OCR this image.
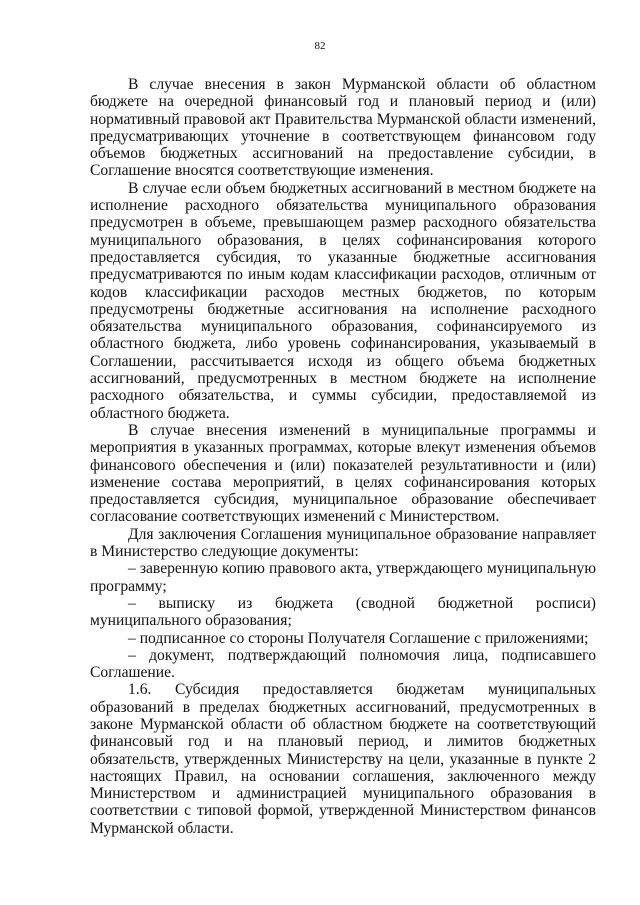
82

В случае внесения в закон Мурманской области об областном бюджете на очередной финансовый год и плановый период и (или) нормативный правовой акт Правительства Мурманской области изменений, предусматривающих уточнение в соответствующем финансовом году объемов бюджетных ассигнований на предоставление субсидии, в Соглашение вносятся соответствующие изменения.

В случае если объем бюджетных ассигнований в местном бюджете на исполнение расходного обязательства муниципального образования предусмотрен в объеме, превышающем размер расходного обязательства муниципального образования, в целях софинансирования которого предоставляется субсидия, то указанные бюджетные ассигнования предусматриваются по иным кодам классификации расходов, отличным от кодов классификации расходов местных бюджетов, по которым предусмотрены бюджетные ассигнования на исполнение расходного обязательства муниципального образования, софинансируемого из областного бюджета, либо уровень софинансирования, указываемый в Соглашении, рассчитывается исходя из общего объема бюджетных ассигнований, предусмотренных в местном бюджете на исполнение расходного обязательства, и суммы субсидии, предоставляемой из областного бюджета.

В случае внесения изменений в муниципальные программы и мероприятия в указанных программах, которые влекут изменения объемов финансового обеспечения и (или) показателей результативности и (или) изменение состава мероприятий, в целях софинансирования которых предоставляется субсидия, муниципальное образование обеспечивает согласование соответствующих изменений с Министерством.

Для заключения Соглашения муниципальное образование направляет в Министерство следующие документы:

– заверенную копию правового акта, утверждающего муниципальную программу;

– выписку из бюджета (сводной бюджетной росписи) муниципального образования;

– подписанное со стороны Получателя Соглашение с приложениями;

– документ, подтверждающий полномочия лица, подписавшего Соглашение.

1.6. Субсидия предоставляется бюджетам муниципальных образований в пределах бюджетных ассигнований, предусмотренных в законе Мурманской области об областном бюджете на соответствующий финансовый год и на плановый период, и лимитов бюджетных обязательств, утвержденных Министерству на цели, указанные в пункте 2 настоящих Правил, на основании соглашения, заключенного между Министерством и администрацией муниципального образования в соответствии с типовой формой, утвержденной Министерством финансов Мурманской области.
